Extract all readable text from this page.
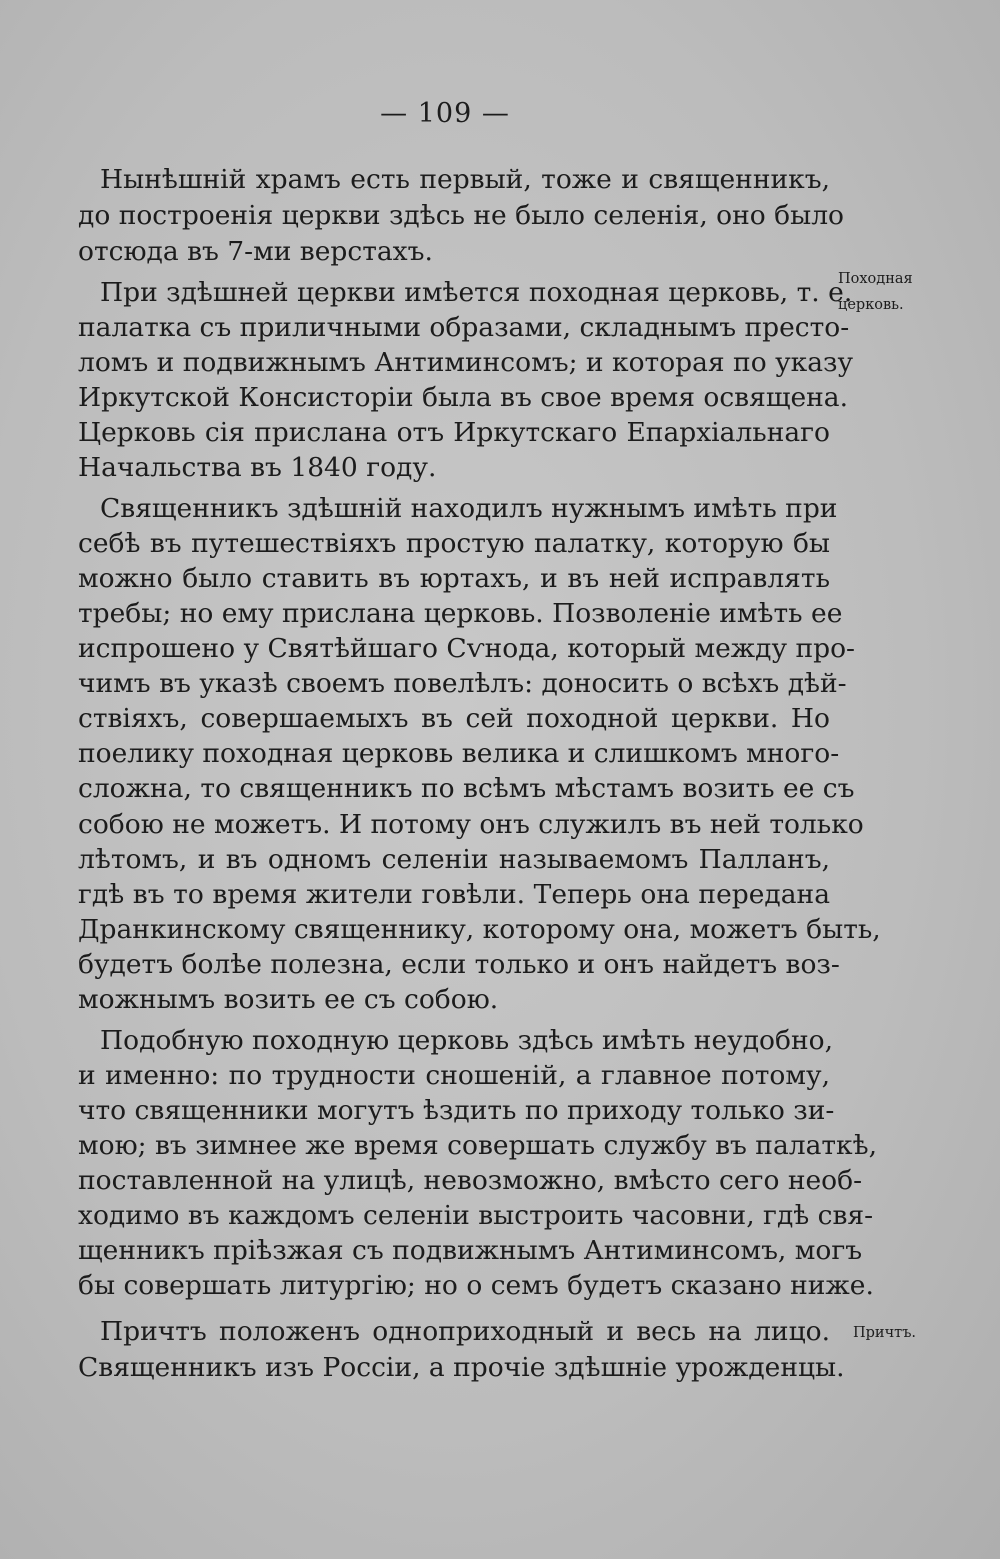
— 109 —
Нынѣшній храмъ есть первый, тоже и священникъ,
до построенія церкви здѣсь не было селенія, оно было
отсюда въ 7-ми верстахъ.
При здѣшней церкви имѣется походная церковь, т. е.
палатка съ приличными образами, складнымъ престо-
ломъ и подвижнымъ Антиминсомъ; и которая по указу
Иркутской Консисторіи была въ свое время освящена.
Церковь сія прислана отъ Иркутскаго Епархіальнаго
Начальства въ 1840 году.
Священникъ здѣшній находилъ нужнымъ имѣть при
себѣ въ путешествіяхъ простую палатку, которую бы
можно было ставить въ юртахъ, и въ ней исправлять
требы; но ему прислана церковь. Позволеніе имѣть ее
испрошено у Святѣйшаго Сѵнода, который между про-
чимъ въ указѣ своемъ повелѣлъ: доносить о всѣхъ дѣй-
ствіяхъ, совершаемыхъ въ сей походной церкви. Но
поелику походная церковь велика и слишкомъ много-
сложна, то священникъ по всѣмъ мѣстамъ возить ее съ
собою не можетъ. И потому онъ служилъ въ ней только
лѣтомъ, и въ одномъ селеніи называемомъ Палланъ,
гдѣ въ то время жители говѣли. Теперь она передана
Дранкинскому священнику, которому она, можетъ быть,
будетъ болѣе полезна, если только и онъ найдетъ воз-
можнымъ возить ее съ собою.
Подобную походную церковь здѣсь имѣть неудобно,
и именно: по трудности сношеній, а главное потому,
что священники могутъ ѣздить по приходу только зи-
мою; въ зимнее же время совершать службу въ палаткѣ,
поставленной на улицѣ, невозможно, вмѣсто сего необ-
ходимо въ каждомъ селеніи выстроить часовни, гдѣ свя-
щенникъ пріѣзжая съ подвижнымъ Антиминсомъ, могъ
бы совершать литургію; но о семъ будетъ сказано ниже.
Причтъ положенъ одноприходный и весь на лицо.
Священникъ изъ Россіи, а прочіе здѣшніе урожденцы.
Походная
церковь.
Причтъ.
